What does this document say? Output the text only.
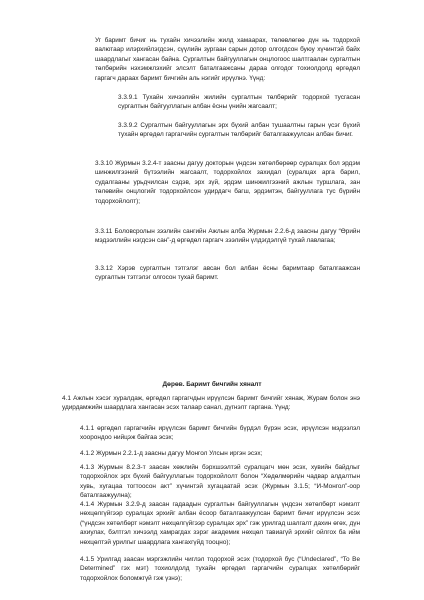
Уг баримт бичиг нь тухайн хичээлийн жилд хамаарах, төлөвлөгөө дүн нь тодорхой валютаар илэрхийлэгдсэн, сүүлийн зургаан сарын дотор олгогдсон буюу хүчинтэй байх шаардлагыг хангасан байна. Сургалтын байгууллагын онцлогоос шалтгаалан сургалтын төлбөрийн нэхэмжлэхийг элсэлт баталгаажсаны дараа олгодог тохиолдолд өргөдөл гаргагч дараах баримт бичгийн аль нэгийг ирүүлнэ. Үүнд:

3.3.9.1 Тухайн хичээлийн жилийн сургалтын төлбөрийг тодорхой тусгасан сургалтын байгууллагын албан ёсны үнийн жагсаалт;

3.3.9.2 Сургалтын байгууллагын эрх бүхий албан тушаалтны гарын үсэг бүхий тухайн өргөдөл гаргагчийн сургалтын төлбөрийг баталгаажуулсан албан бичиг.

3.3.10 Журмын 3.2.4-т заасны дагуу докторын үндсэн хөтөлбөрөөр суралцах бол эрдэм шинжилгээний бүтээлийн жагсаалт, тодорхойлох захидал (суралцах арга барил, судалгааны урьдчилсан сэдэв, эрх зүй, эрдэм шинжилгээний ажлын туршлага, зан төлөвийн онцлогийг тодорхойлсон удирдагч багш, эрдэмтэн, байгууллага тус бүрийн тодорхойлолт);

3.3.11 Боловсролын зээлийн сангийн Ажлын алба Журмын 2.2.6-д заасны дагуу “Өрийн мэдээллийн нэгдсэн сан”-д өргөдөл гаргагч зээлийн үлдэгдэлгүй тухай лавлагаа;

3.3.12 Хэрэв сургалтын тэтгэлэг авсан бол албан ёсны баримтаар баталгаажсан сургалтын тэтгэлэг олгосон тухай баримт.

Дөрөв. Баримт бичгийн хяналт

4.1 Ажлын хэсэг хуралдаж, өргөдөл гаргагчдын ирүүлсэн баримт бичгийг хянаж, Журам болон энэ удирдамжийн шаардлага хангасан эсэх талаар санал, дүгнэлт гаргана. Үүнд:

4.1.1 өргөдөл гаргагчийн ирүүлсэн баримт бичгийн бүрдэл бүрэн эсэх, ирүүлсэн мэдээлэл хоорондоо нийцэж байгаа эсэх;

4.1.2 Журмын 2.2.1-д заасны дагуу Монгол Улсын иргэн эсэх;

4.1.3 Журмын 8.2.3-т заасан хөжлийн бэрхшээлтэй суралцагч мөн эсэх, хувийн байдлыг тодорхойлох эрх бүхий байгууллагын тодорхойлолт болон “Хөдөлмөрийн чадвар алдалтын хувь, хугацаа тогтоосон акт” хүчинтэй хугацаатай эсэх (Журмын 3.1.5; “И-Монгол”-оор баталгаажуулна);

4.1.4 Журмын 3.2.9-д заасан гадаадын сургалтын байгууллагын үндсэн хөтөлбөрт нэмэлт нөхцөлгүйгээр суралцах эрхийг албан ёсоор баталгаажуулсан баримт бичиг ирүүлсэн эсэх (“үндсэн хөтөлбөрт нэмэлт нөхцөлгүйгээр суралцах эрх” гэж урилгад шалгалт дахин өгөх, дүн ахиулах, бэлтгэл хичээлд хамрагдах зэрэг академик нөхцөл тавиагүй эрхийг ойлгох ба ийм нөхцөлтэй урилгыг шаардлага хангахгүйд тооцно);

4.1.5 Урилгад заасан мэргэжлийн чиглэл тодорхой эсэх (тодорхой бус (“Undeclared”, “To Be Determined” гэх мэт) тохиолдолд тухайн өргөдөл гаргагчийн суралцах хөтөлбөрийг тодорхойлох боломжгүй гэж үзнэ);
